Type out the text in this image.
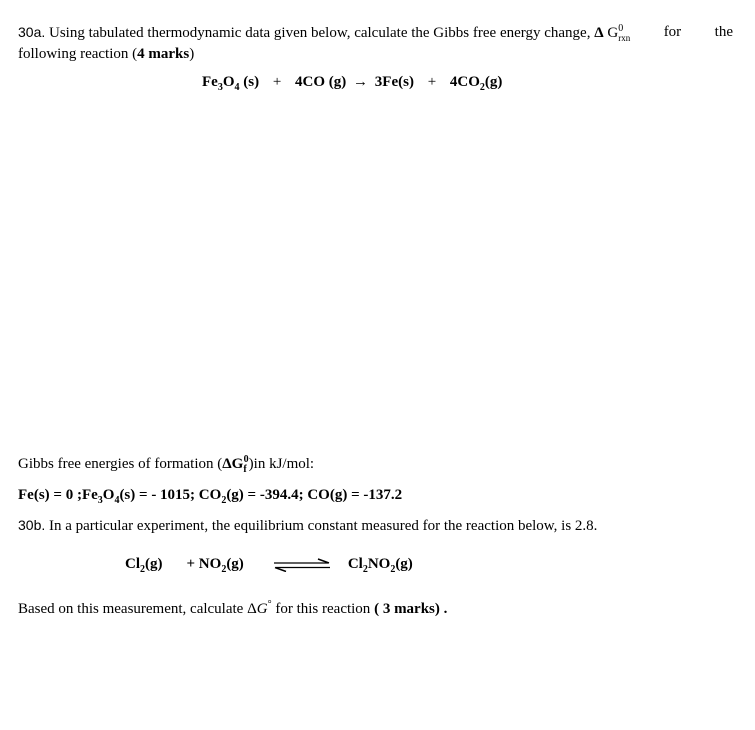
30a. Using tabulated thermodynamic data given below, calculate the Gibbs free energy change, Δ $G^0_{rxn}$ for the
following reaction (4 marks)
$Fe_3O_4$ (s) + 4CO $(g) \to 3Fe(s) + 4CO_2(g)$
Gibbs free energies of formation $(\Delta G_f^0)in$ kJ/mol:
Fe(s) = 0 $;Fe_3O_4(s)$ = - 1015; $CO_2(g) = -394.4$; CO(g) = -137.2
30b. In a particular experiment, the equilibrium constant measured for the reaction below, is 2.8.
$Cl_2(g) + NO_2(g)$ ⇌ $Cl_2NO_2(g)$
Based on this measurement, calculate ΔG° for this reaction ( 3 marks) .
